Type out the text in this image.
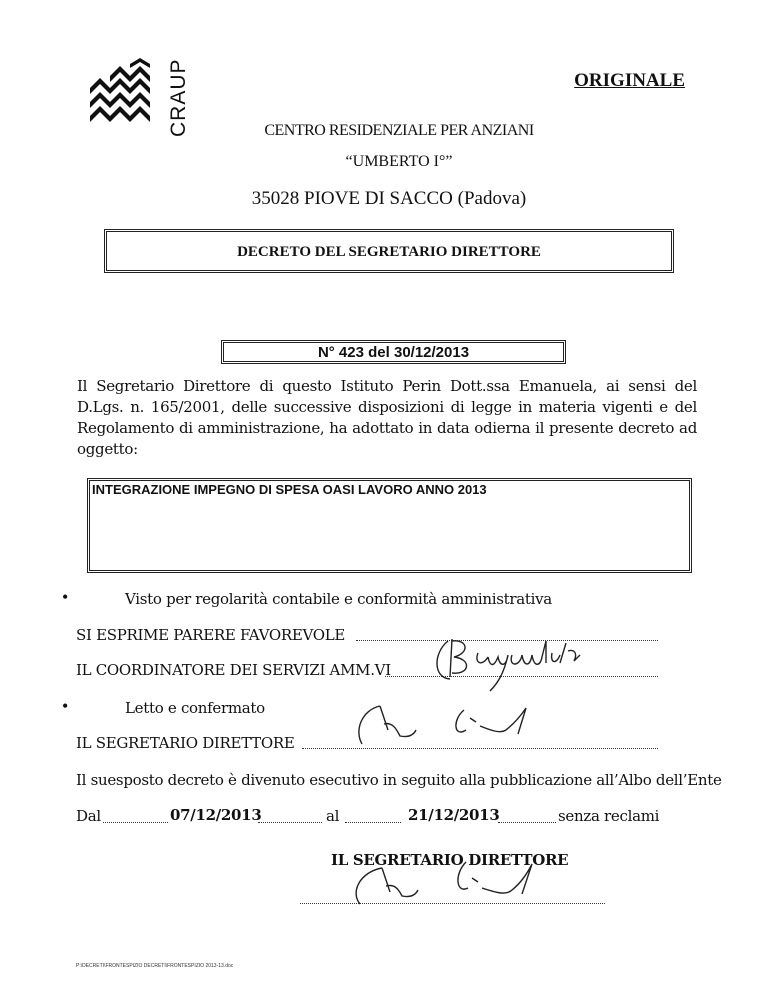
CRAUP	ORIGINALE
CENTRO RESIDENZIALE PER ANZIANI
“UMBERTO I°”
35028 PIOVE DI SACCO (Padova)
DECRETO DEL SEGRETARIO DIRETTORE
N° 423 del 30/12/2013
Il Segretario Direttore di questo Istituto Perin Dott.ssa Emanuela, ai sensi del D.Lgs. n. 165/2001, delle successive disposizioni di legge in materia vigenti e del Regolamento di amministrazione, ha adottato in data odierna il presente decreto ad oggetto:
INTEGRAZIONE IMPEGNO DI SPESA OASI LAVORO ANNO 2013
•	Visto per regolarità contabile e conformità amministrativa
SI ESPRIME PARERE FAVOREVOLE
IL COORDINATORE DEI SERVIZI AMM.VI
•	Letto e confermato
IL SEGRETARIO DIRETTORE
Il suesposto decreto è divenuto esecutivo in seguito alla pubblicazione all’Albo dell’Ente
Dal	07/12/2013	al	21/12/2013	senza reclami
IL SEGRETARIO DIRETTORE
P:\DECRETI\FRONTESPIZIO DECRETI\FRONTESPIZIO 2013-13.doc
